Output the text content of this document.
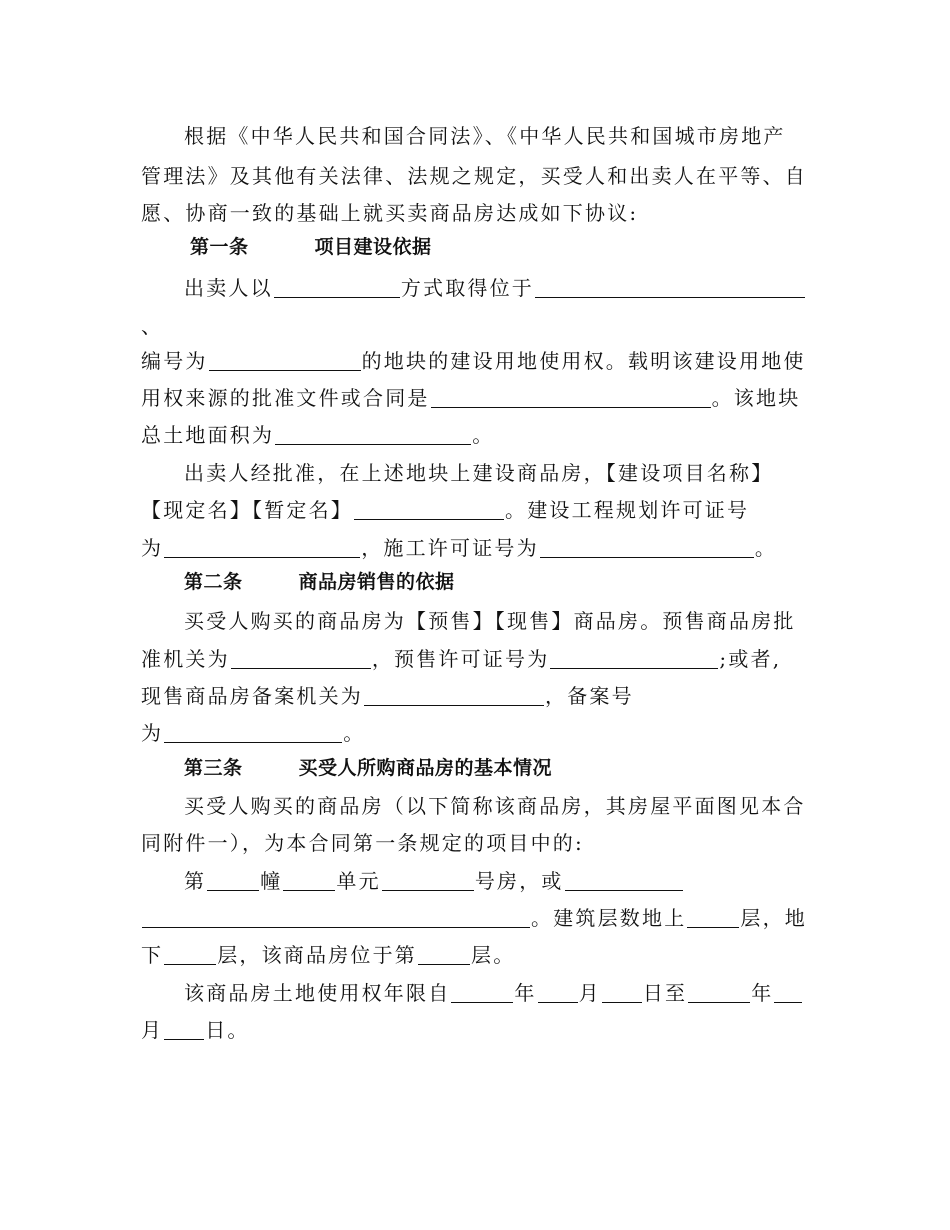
根据《中华人民共和国合同法》、《中华人民共和国城市房地产
管理法》及其他有关法律、法规之规定，买受人和出卖人在平等、自
愿、协商一致的基础上就买卖商品房达成如下协议:
第一条	项目建设依据
出卖人以	方式取得位于
、
编号为	的地块的建设用地使用权。载明该建设用地使
用权来源的批准文件或合同是	。该地块
总土地面积为	。
出卖人经批准，在上述地块上建设商品房，【建设项目名称】
【现定名】【暂定名】	。建设工程规划许可证号
为	，施工许可证号为	。
第二条	商品房销售的依据
买受人购买的商品房为【预售】【现售】商品房。预售商品房批
准机关为	，预售许可证号为	;或者,
现售商品房备案机关为	，备案号
为	。
第三条	买受人所购商品房的基本情况
买受人购买的商品房（以下简称该商品房，其房屋平面图见本合
同附件一），为本合同第一条规定的项目中的:
第	幢	单元	号房，或
。建筑层数地上	层，地
下	层，该商品房位于第	层。
该商品房土地使用权年限自	年 月 日至	年
月 日。
